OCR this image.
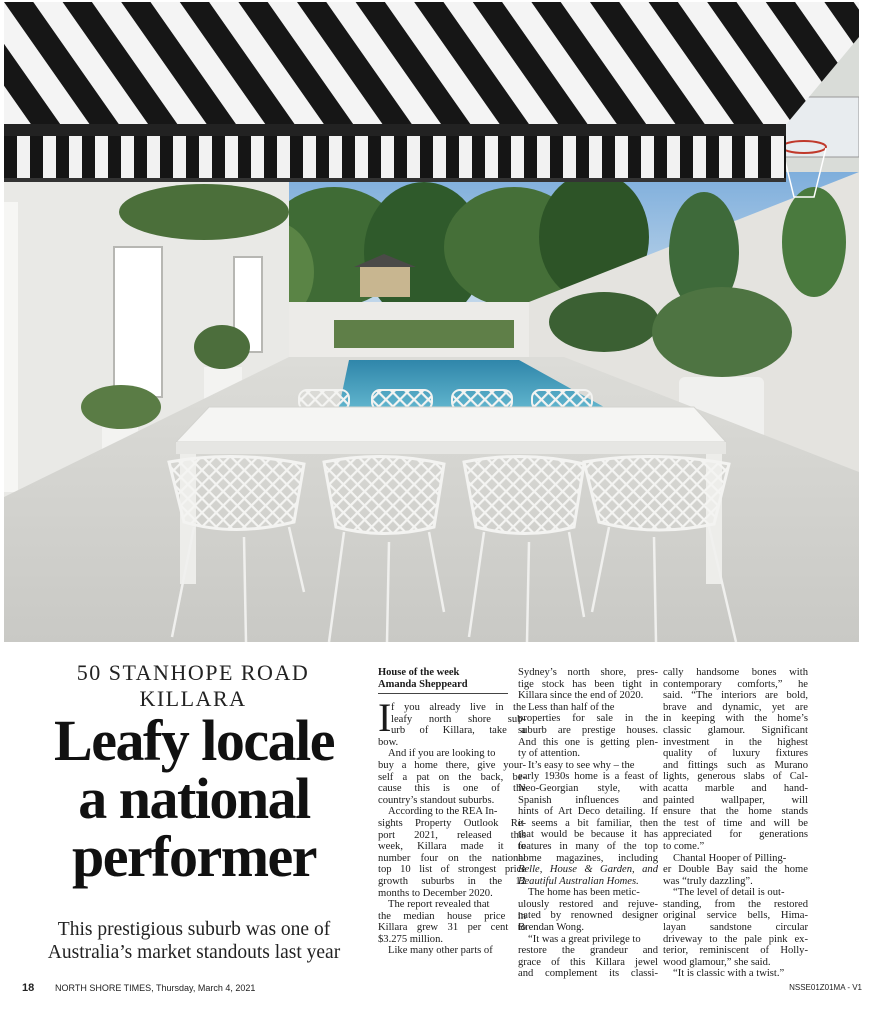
50 STANHOPE ROAD
KILLARA
Leafy locale
a national
performer
This prestigious suburb was one of
Australia’s market standouts last year
House of the week
Amanda Sheppeard
I f you already live in the
leafy north shore sub-
urb of Killara, take a
bow.
And if you are looking to
buy a home there, give your-
self a pat on the back, be-
cause this is one of the
country’s standout suburbs.
According to the REA In-
sights Property Outlook Re-
port 2021, released this
week, Killara made it to
number four on the national
top 10 list of strongest price
growth suburbs in the 12
months to December 2020.
The report revealed that
the median house price in
Killara grew 31 per cent to
$3.275 million.
Like many other parts of
Sydney’s north shore, pres-
tige stock has been tight in
Killara since the end of 2020.
Less than half of the
properties for sale in the
suburb are prestige houses.
And this one is getting plen-
ty of attention.
It’s easy to see why – the
early 1930s home is a feast of
Neo-Georgian style, with
Spanish influences and
hints of Art Deco detailing. If
it seems a bit familiar, then
that would be because it has
features in many of the top
home magazines, including
Belle, House & Garden, and
Beautiful Australian Homes.
The home has been metic-
ulously restored and rejuve-
nated by renowned designer
Brendan Wong.
“It was a great privilege to
restore the grandeur and
grace of this Killara jewel
and complement its classi-
cally handsome bones with
contemporary comforts,” he
said. “The interiors are bold,
brave and dynamic, yet are
in keeping with the home’s
classic glamour. Significant
investment in the highest
quality of luxury fixtures
and fittings such as Murano
lights, generous slabs of Cal-
acatta marble and hand-
painted wallpaper, will
ensure that the home stands
the test of time and will be
appreciated for generations
to come.”
Chantal Hooper of Pilling-
er Double Bay said the home
was “truly dazzling”.
“The level of detail is out-
standing, from the restored
original service bells, Hima-
layan sandstone circular
driveway to the pale pink ex-
terior, reminiscent of Holly-
wood glamour,” she said.
“It is classic with a twist.”
18 NORTH SHORE TIMES, Thursday, March 4, 2021	NSSE01Z01MA - V1
